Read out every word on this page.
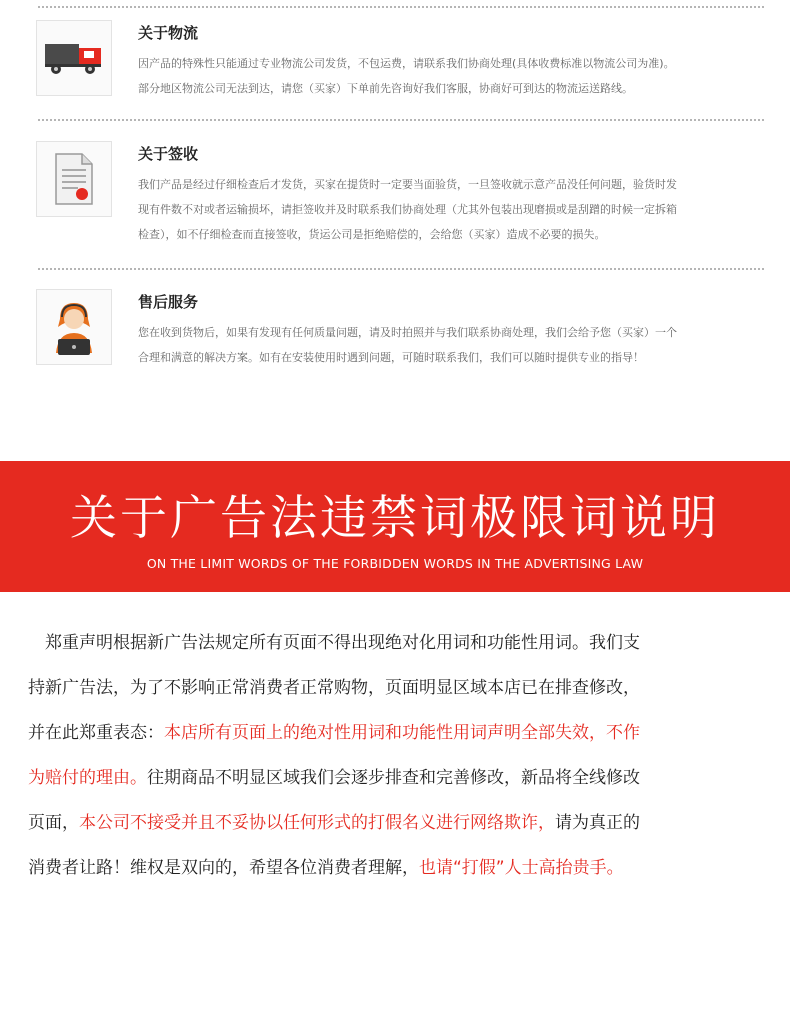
关于物流

因产品的特殊性只能通过专业物流公司发货，不包运费，请联系我们协商处理(具体收费标准以物流公司为准)。

部分地区物流公司无法到达，请您（买家）下单前先咨询好我们客服，协商好可到达的物流运送路线。

关于签收

我们产品是经过仔细检查后才发货，买家在提货时一定要当面验货，一旦签收就示意产品没任何问题，验货时发

现有件数不对或者运输损坏，请拒签收并及时联系我们协商处理（尤其外包装出现磨损或是刮蹭的时候一定拆箱

检查），如不仔细检查而直接签收，货运公司是拒绝赔偿的，会给您（买家）造成不必要的损失。

售后服务

您在收到货物后，如果有发现有任何质量问题，请及时拍照并与我们联系协商处理，我们会给予您（买家）一个

合理和满意的解决方案。如有在安装使用时遇到问题，可随时联系我们，我们可以随时提供专业的指导！

关于广告法违禁词极限词说明
ON THE LIMIT WORDS OF THE FORBIDDEN WORDS IN THE ADVERTISING LAW
　郑重声明根据新广告法规定所有页面不得出现绝对化用词和功能性用词。我们支
持新广告法，为了不影响正常消费者正常购物，页面明显区域本店已在排查修改，
并在此郑重表态：本店所有页面上的绝对性用词和功能性用词声明全部失效，不作
为赔付的理由。往期商品不明显区域我们会逐步排查和完善修改，新品将全线修改
页面，本公司不接受并且不妥协以任何形式的打假名义进行网络欺诈，请为真正的
消费者让路！维权是双向的，希望各位消费者理解，也请“打假”人士高抬贵手。
